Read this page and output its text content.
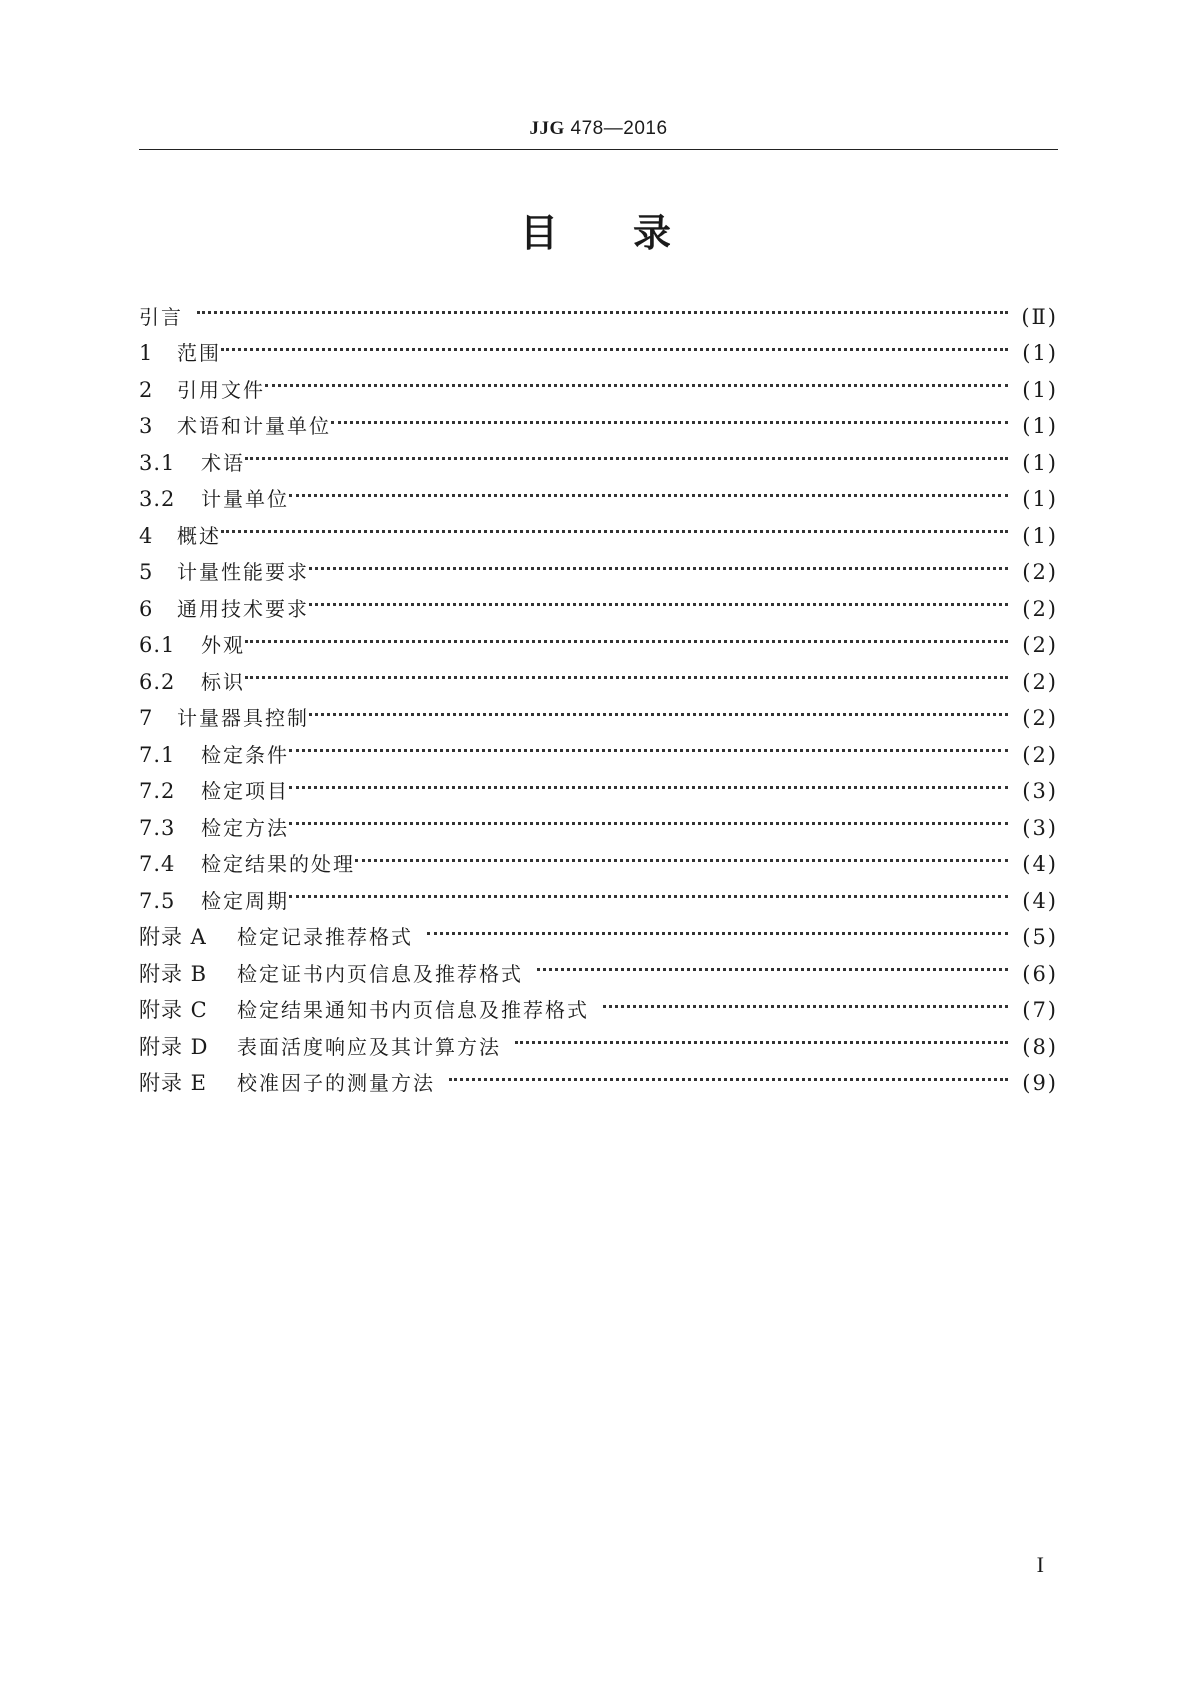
JJG 478—2016
目录
引言	(Ⅱ)
1	范围	(1)
2	引用文件	(1)
3	术语和计量单位	(1)
3.1	术语	(1)
3.2	计量单位	(1)
4	概述	(1)
5	计量性能要求	(2)
6	通用技术要求	(2)
6.1	外观	(2)
6.2	标识	(2)
7	计量器具控制	(2)
7.1	检定条件	(2)
7.2	检定项目	(3)
7.3	检定方法	(3)
7.4	检定结果的处理	(4)
7.5	检定周期	(4)
附录 A	检定记录推荐格式	(5)
附录 B	检定证书内页信息及推荐格式	(6)
附录 C	检定结果通知书内页信息及推荐格式	(7)
附录 D	表面活度响应及其计算方法	(8)
附录 E	校准因子的测量方法	(9)
I
